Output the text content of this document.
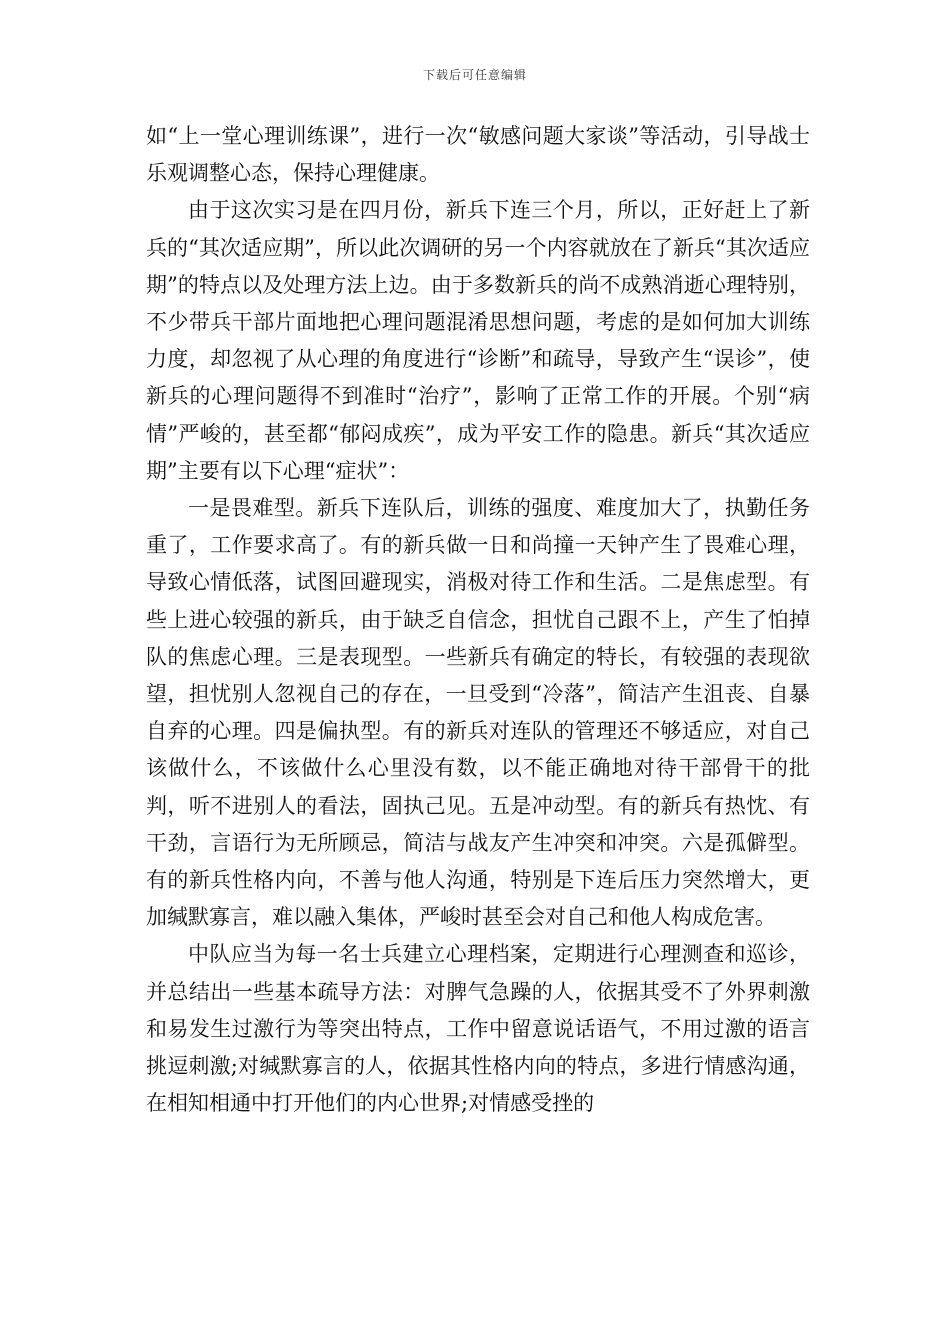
下载后可任意编辑

如“上一堂心理训练课”，进行一次“敏感问题大家谈”等活动，引导战士乐观调整心态，保持心理健康。

由于这次实习是在四月份，新兵下连三个月，所以，正好赶上了新兵的“其次适应期”，所以此次调研的另一个内容就放在了新兵“其次适应期”的特点以及处理方法上边。由于多数新兵的尚不成熟消逝心理特别，不少带兵干部片面地把心理问题混淆思想问题，考虑的是如何加大训练力度，却忽视了从心理的角度进行“诊断”和疏导，导致产生“误诊”，使新兵的心理问题得不到准时“治疗”，影响了正常工作的开展。个别“病情”严峻的，甚至都“郁闷成疾”，成为平安工作的隐患。新兵“其次适应期”主要有以下心理“症状”：

一是畏难型。新兵下连队后，训练的强度、难度加大了，执勤任务重了，工作要求高了。有的新兵做一日和尚撞一天钟产生了畏难心理，导致心情低落，试图回避现实，消极对待工作和生活。二是焦虑型。有些上进心较强的新兵，由于缺乏自信念，担忧自己跟不上，产生了怕掉队的焦虑心理。三是表现型。一些新兵有确定的特长，有较强的表现欲望，担忧别人忽视自己的存在，一旦受到“冷落”，简洁产生沮丧、自暴自弃的心理。四是偏执型。有的新兵对连队的管理还不够适应，对自己该做什么，不该做什么心里没有数，以不能正确地对待干部骨干的批判，听不进别人的看法，固执己见。五是冲动型。有的新兵有热忱、有干劲，言语行为无所顾忌，简洁与战友产生冲突和冲突。六是孤僻型。有的新兵性格内向，不善与他人沟通，特别是下连后压力突然增大，更加缄默寡言，难以融入集体，严峻时甚至会对自己和他人构成危害。

中队应当为每一名士兵建立心理档案，定期进行心理测查和巡诊，并总结出一些基本疏导方法：对脾气急躁的人，依据其受不了外界刺激和易发生过激行为等突出特点，工作中留意说话语气，不用过激的语言挑逗刺激;对缄默寡言的人，依据其性格内向的特点，多进行情感沟通，在相知相通中打开他们的内心世界;对情感受挫的
